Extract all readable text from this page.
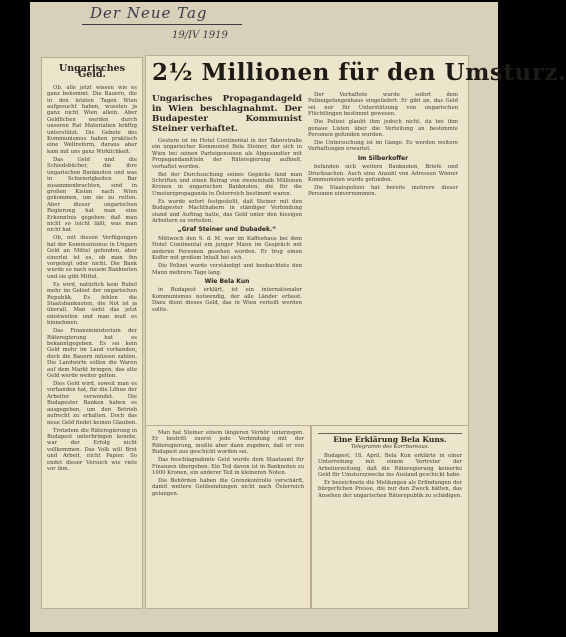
Der Neue Tag
19/IV 1919
Ungarisches Geld.

Ob, alle jetzt wissen wie es ganz bekommt. Die Bauern, die in den letzten Tagen Wien aufgesucht haben, wussten ja ganz nicht Wien allein. Aber Geldlichen werden durch unseren Rat Materialien kräftig unterstützt. Die Gebote des Kommunismus haben praktisch eine Weltreform, daraus aber kam mit uns ganz Wirklichkeit.

Das Geld und die Schiedsbücher, die ihre ungarischen Banknoten und was in Schwierigkeiten Bar zusammenbrachten, sind in großen Kisten nach Wien gekommen, um sie zu retten. Aber dieser ungarischen Regierung hat man eine Erkenntnis gegeben: daß man nicht so leicht läßt, was man nicht hat.

Ob, mit diesen Verfügungen hat der Kommunismus in Ungarn Geld an Mittel gefunden, aber einerlei ist es, ob man ihn vorgelegt oder nicht. Die Bank wurde so nach neuem Banknoten und sie gibt Mittel.

Es wird, natürlich kein Rubel mehr im Gebiet der ungarischen Republik. Es fehlen die Staatsbanknoten, die Not ist ja überall. Man sieht das jetzt einstweilen und man muß es hinnehmen.

Das Finanzministerium der Räteregierung hat es bekanntgegeben. Es sei kein Geld mehr im Land vorhanden, doch die Bauern müssen zahlen. Die Landwirte sollen die Waren auf dem Markt bringen, das alte Geld werde weiter gelten.

Dies Geld wird, soweit man es vorhanden hat, für die Löhne der Arbeiter verwendet. Die Budapester Banken haben es ausgegeben, um den Betrieb aufrecht zu erhalten. Doch das neue Geld findet keinen Glauben.

Trotzdem die Räteregierung in Budapest unterbringen konnte, war der Erfolg nicht vollkommen. Das Volk will Brot und Arbeit, nicht Papier. So endet dieser Versuch wie viele vor ihm.

2½ Millionen für den Umsturz.
Ungarisches Propagandageld in Wien beschlagnahmt. Der Budapester Kommunist Steiner verhaftet.

Gestern ist im Hotel Continental in der Taborstraße ein ungarischer Kommunist Bela Steiner, der sich in Wien bei seinen Parteigenossen als Abgesandter mit Propagandamitteln der Räteregierung aufhielt, verhaftet worden.

Bei der Durchsuchung seines Gepäcks fand man Schriften und einen Betrag von zweieinhalb Millionen Kronen in ungarischen Banknoten, die für die Umsturzpropaganda in Österreich bestimmt waren.

Es wurde sofort festgestellt, daß Steiner mit den Budapester Machthabern in ständiger Verbindung stand und Auftrag hatte, das Geld unter den hiesigen Arbeitern zu verteilen.

„Graf Steiner und Dubadek.“

Mittwoch den 9. d. M. war im Kaffeehaus bei dem Hotel Continental ein junger Mann im Gespräch mit anderen Personen gesehen worden. Er trug einen Koffer mit großem Inhalt bei sich.

Die Polizei wurde verständigt und beobachtete den Mann mehrere Tage lang.

Wie Bela Kun

in Budapest erklärt, ist ein internationaler Kommunismus notwendig, der alle Länder erfasst. Dazu dient dieses Geld, das in Wien verteilt werden sollte.

Der Verhaftete wurde sofort dem Polizeigefangenhaus eingeliefert. Er gibt an, das Geld sei nur für Unterstützung von ungarischen Flüchtlingen bestimmt gewesen.

Die Polizei glaubt ihm jedoch nicht, da bei ihm genaue Listen über die Verteilung an bestimmte Personen gefunden wurden.

Die Untersuchung ist im Gange. Es werden weitere Verhaftungen erwartet.

Im Silberkoffer

befanden sich weitere Banknoten, Briefe und Drucksachen. Auch eine Anzahl von Adressen Wiener Kommunisten wurde gefunden.

Die Staatspolizei hat bereits mehrere dieser Personen einvernommen.

Man hat Steiner einem längeren Verhör unterzogen. Er bestritt zuerst jede Verbindung mit der Räteregierung, mußte aber dann zugeben, daß er von Budapest aus geschickt worden sei.

Das beschlagnahmte Geld wurde dem Staatsamt für Finanzen übergeben. Ein Teil davon ist in Banknoten zu 1000 Kronen, ein anderer Teil in kleineren Noten.

Die Behörden haben die Grenzkontrolle verschärft, damit weitere Geldsendungen nicht nach Österreich gelangen.

Eine Erklärung Bela Kuns.
Telegramm des Korrbureaus.

Budapest, 18. April. Bela Kun erklärte in einer Unterredung mit einem Vertreter der Arbeiterzeitung, daß die Räteregierung keinerlei Geld für Umsturzzwecke ins Ausland geschickt habe.

Er bezeichnete die Meldungen als Erfindungen der bürgerlichen Presse, die nur den Zweck hätten, das Ansehen der ungarischen Räterepublik zu schädigen.
